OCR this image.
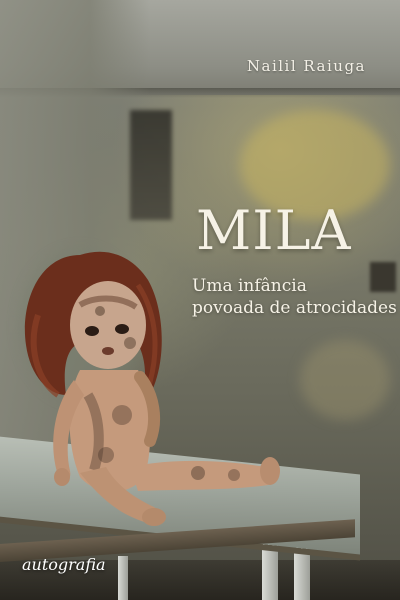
Nailil Raiuga

MILA

Uma infância
povoada de atrocidades

autografia
